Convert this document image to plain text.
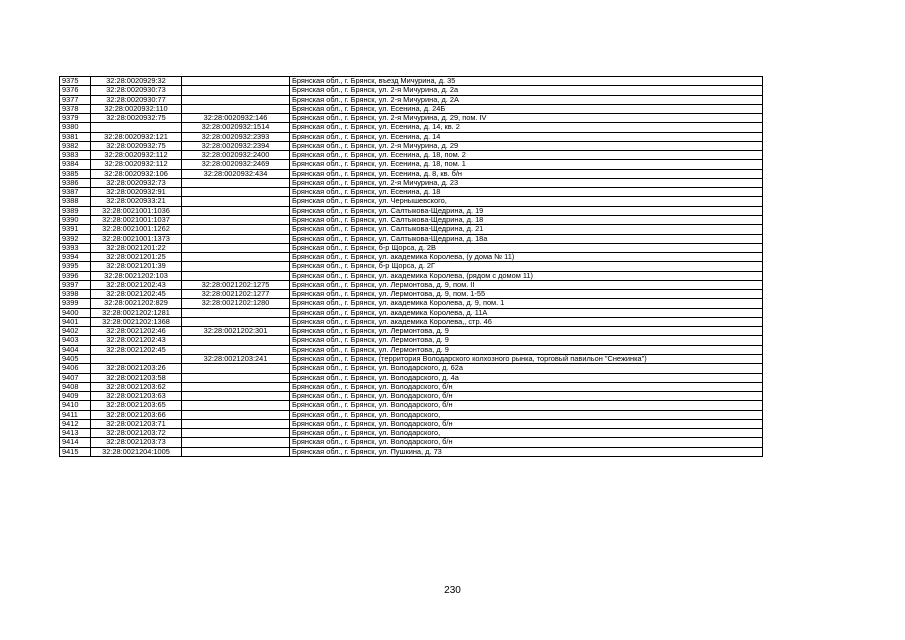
9375	32:28:0020929:32		Брянская обл., г. Брянск, въезд Мичурина, д. 35
9376	32:28:0020930:73		Брянская обл., г. Брянск, ул. 2-я Мичурина, д. 2а
9377	32:28:0020930:77		Брянская обл., г. Брянск, ул. 2-я Мичурина, д. 2А
9378	32:28:0020932:110		Брянская обл., г. Брянск, ул. Есенина, д. 24Б
9379	32:28:0020932:75	32:28:0020932:146	Брянская обл., г. Брянск, ул. 2-я Мичурина, д. 29, пом. IV
9380		32:28:0020932:1514	Брянская обл., г. Брянск, ул. Есенина, д. 14, кв. 2
9381	32:28:0020932:121	32:28:0020932:2393	Брянская обл., г. Брянск, ул. Есенина, д. 14
9382	32:28:0020932:75	32:28:0020932:2394	Брянская обл., г. Брянск, ул. 2-я Мичурина, д. 29
9383	32:28:0020932:112	32:28:0020932:2400	Брянская обл., г. Брянск, ул. Есенина, д. 18, пом. 2
9384	32:28:0020932:112	32:28:0020932:2469	Брянская обл., г. Брянск, ул. Есенина, д. 18, пом. 1
9385	32:28:0020932:106	32:28:0020932:434	Брянская обл., г. Брянск, ул. Есенина, д. 8, кв. б/н
9386	32:28:0020932:73		Брянская обл., г. Брянск, ул. 2-я Мичурина, д. 23
9387	32:28:0020932:91		Брянская обл., г. Брянск, ул. Есенина, д. 18
9388	32:28:0020933:21		Брянская обл., г. Брянск, ул. Чернышевского,
9389	32:28:0021001:1036		Брянская обл., г. Брянск, ул. Салтыкова-Щедрина, д. 19
9390	32:28:0021001:1037		Брянская обл., г. Брянск, ул. Салтыкова-Щедрина, д. 18
9391	32:28:0021001:1262		Брянская обл., г. Брянск, ул. Салтыкова-Щедрина, д. 21
9392	32:28:0021001:1373		Брянская обл., г. Брянск, ул. Салтыкова-Щедрина, д. 18а
9393	32:28:0021201:22		Брянская обл., г. Брянск, б-р Щорса, д. 2В
9394	32:28:0021201:25		Брянская обл., г. Брянск, ул. академика Королева, (у дома № 11)
9395	32:28:0021201:39		Брянская обл., г. Брянск, б-р Щорса, д. 2Г
9396	32:28:0021202:103		Брянская обл., г. Брянск, ул. академика Королева, (рядом с домом 11)
9397	32:28:0021202:43	32:28:0021202:1275	Брянская обл., г. Брянск, ул. Лермонтова, д. 9, пом. II
9398	32:28:0021202:45	32:28:0021202:1277	Брянская обл., г. Брянск, ул. Лермонтова, д. 9, пом. 1-55
9399	32:28:0021202:829	32:28:0021202:1280	Брянская обл., г. Брянск, ул. академика Королева, д. 9, пом. 1
9400	32:28:0021202:1281		Брянская обл., г. Брянск, ул. академика Королева, д. 11А
9401	32:28:0021202:1368		Брянская обл., г. Брянск, ул. академика Королева,, стр. 46
9402	32:28:0021202:46	32:28:0021202:301	Брянская обл., г. Брянск, ул. Лермонтова, д. 9
9403	32:28:0021202:43		Брянская обл., г. Брянск, ул. Лермонтова, д. 9
9404	32:28:0021202:45		Брянская обл., г. Брянск, ул. Лермонтова, д. 9
9405		32:28:0021203:241	Брянская обл., г. Брянск, (территория Володарского колхозного рынка, торговый павильон "Снежинка")
9406	32:28:0021203:26		Брянская обл., г. Брянск, ул. Володарского, д. 62а
9407	32:28:0021203:58		Брянская обл., г. Брянск, ул. Володарского, д. 4а
9408	32:28:0021203:62		Брянская обл., г. Брянск, ул. Володарского, б/н
9409	32:28:0021203:63		Брянская обл., г. Брянск, ул. Володарского, б/н
9410	32:28:0021203:65		Брянская обл., г. Брянск, ул. Володарского, б/н
9411	32:28:0021203:66		Брянская обл., г. Брянск, ул. Володарского,
9412	32:28:0021203:71		Брянская обл., г. Брянск, ул. Володарского, б/н
9413	32:28:0021203:72		Брянская обл., г. Брянск, ул. Володарского,
9414	32:28:0021203:73		Брянская обл., г. Брянск, ул. Володарского, б/н
9415	32:28:0021204:1005		Брянская обл., г. Брянск, ул. Пушкина, д. 73
230
